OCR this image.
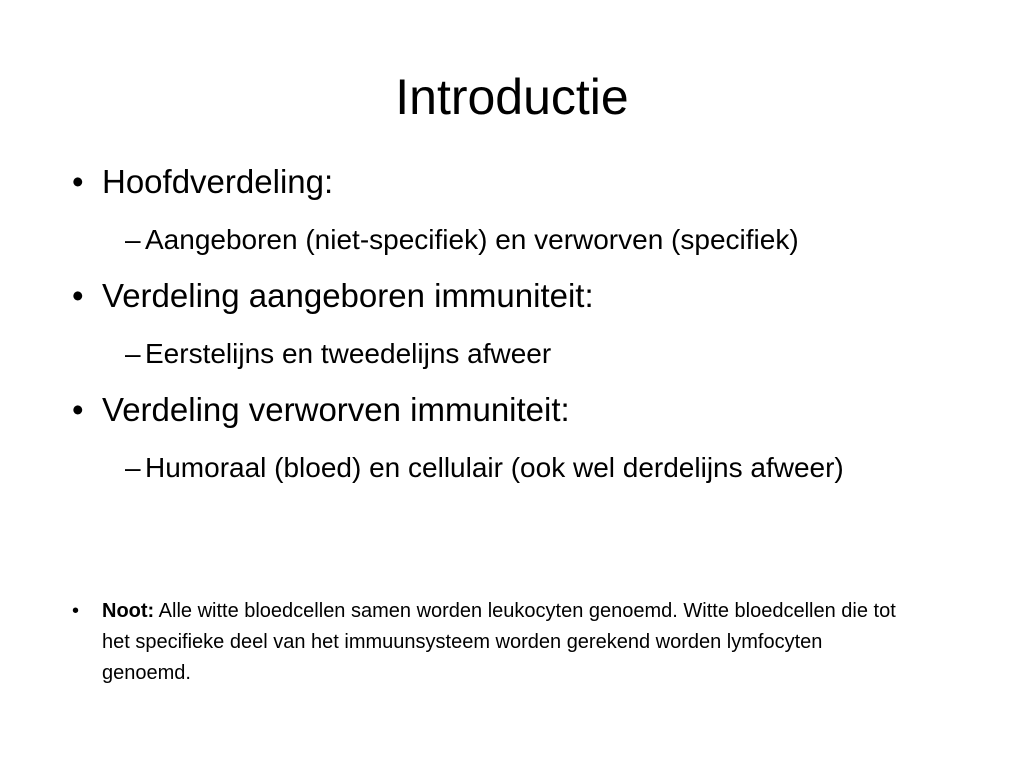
Introductie
• Hoofdverdeling:
– Aangeboren (niet-specifiek) en verworven (specifiek)
• Verdeling aangeboren immuniteit:
– Eerstelijns en tweedelijns afweer
• Verdeling verworven immuniteit:
– Humoraal (bloed) en cellulair (ook wel derdelijns afweer)
•	Noot: Alle witte bloedcellen samen worden leukocyten genoemd. Witte bloedcellen die tot het specifieke deel van het immuunsysteem worden gerekend worden lymfocyten genoemd.
